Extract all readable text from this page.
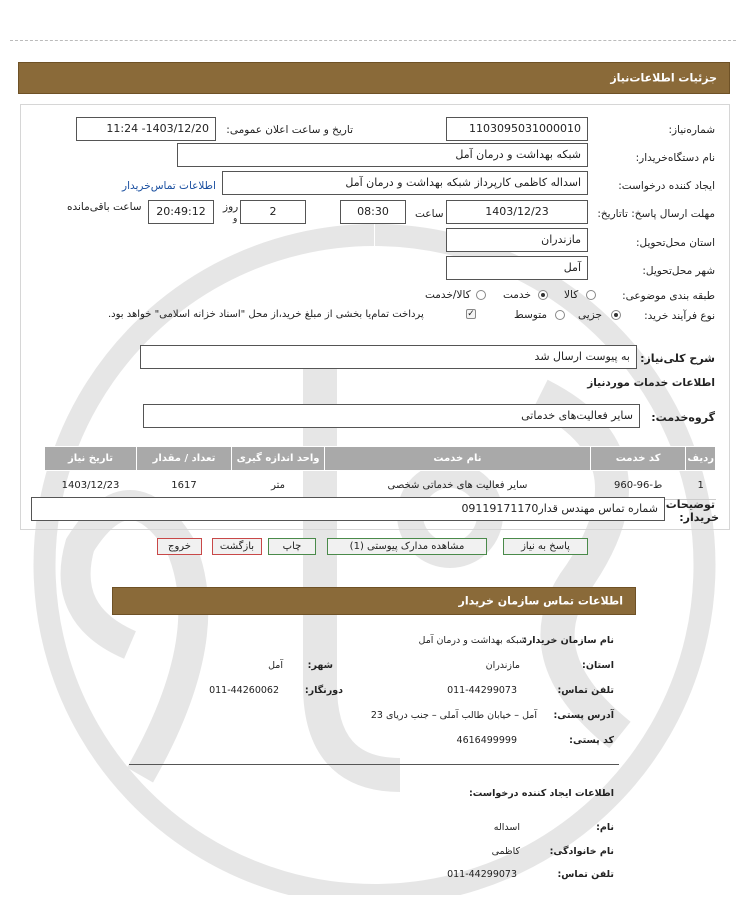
جزئیات اطلاعات‌نیاز
شماره‌نیاز:
1103095031000010
تاریخ و ساعت اعلان عمومی:
1403/12/20- 11:24
نام دستگاه‌خریدار:
شبکه بهداشت و درمان آمل
ایجاد کننده درخواست:
اسداله کاظمی کارپرداز شبکه بهداشت و درمان آمل
اطلاعات تماس‌خریدار
مهلت ارسال پاسخ: تاتاریخ:
1403/12/23
ساعت
08:30
2
روز
و
20:49:12
ساعت باقی‌مانده
استان محل‌تحویل:
مازندران
شهر محل‌تحویل:
آمل
طبقه بندی موضوعی:
کالا
خدمت
کالا/خدمت
نوع فرآیند خرید:
جزیی
متوسط
✓
پرداخت تمام‌یا بخشی از مبلغ خرید،از محل "اسناد خزانه اسلامی" خواهد بود.
شرح کلی‌نیاز:
به پیوست ارسال شد
اطلاعات خدمات موردنیاز
گروه‌خدمت:
سایر فعالیت‌های خدماتی
تاریخ نیاز	تعداد / مقدار	واحد اندازه گیری	نام خدمت	کد خدمت	ردیف
1403/12/23	1617	متر	سایر فعالیت های خدماتی شخصی	ط-96-960	1
توضیحات
خریدار:
شماره تماس مهندس قدار09119171170
پاسخ به نیاز
مشاهده مدارک پیوستی (1)
چاپ
بازگشت
خروج
اطلاعات تماس سازمان خریدار
نام سازمان خریدار:
شبکه بهداشت و درمان آمل
استان:
مازندران
شهر:
آمل
تلفن تماس:
011-44299073
دورنگار:
011-44260062
آدرس پستی:
آمل – خیابان طالب آملی – جنب دریای 23
کد پستی:
4616499999
اطلاعات ایجاد کننده درخواست:
نام:
اسداله
نام خانوادگی:
کاظمی
تلفن تماس:
011-44299073
